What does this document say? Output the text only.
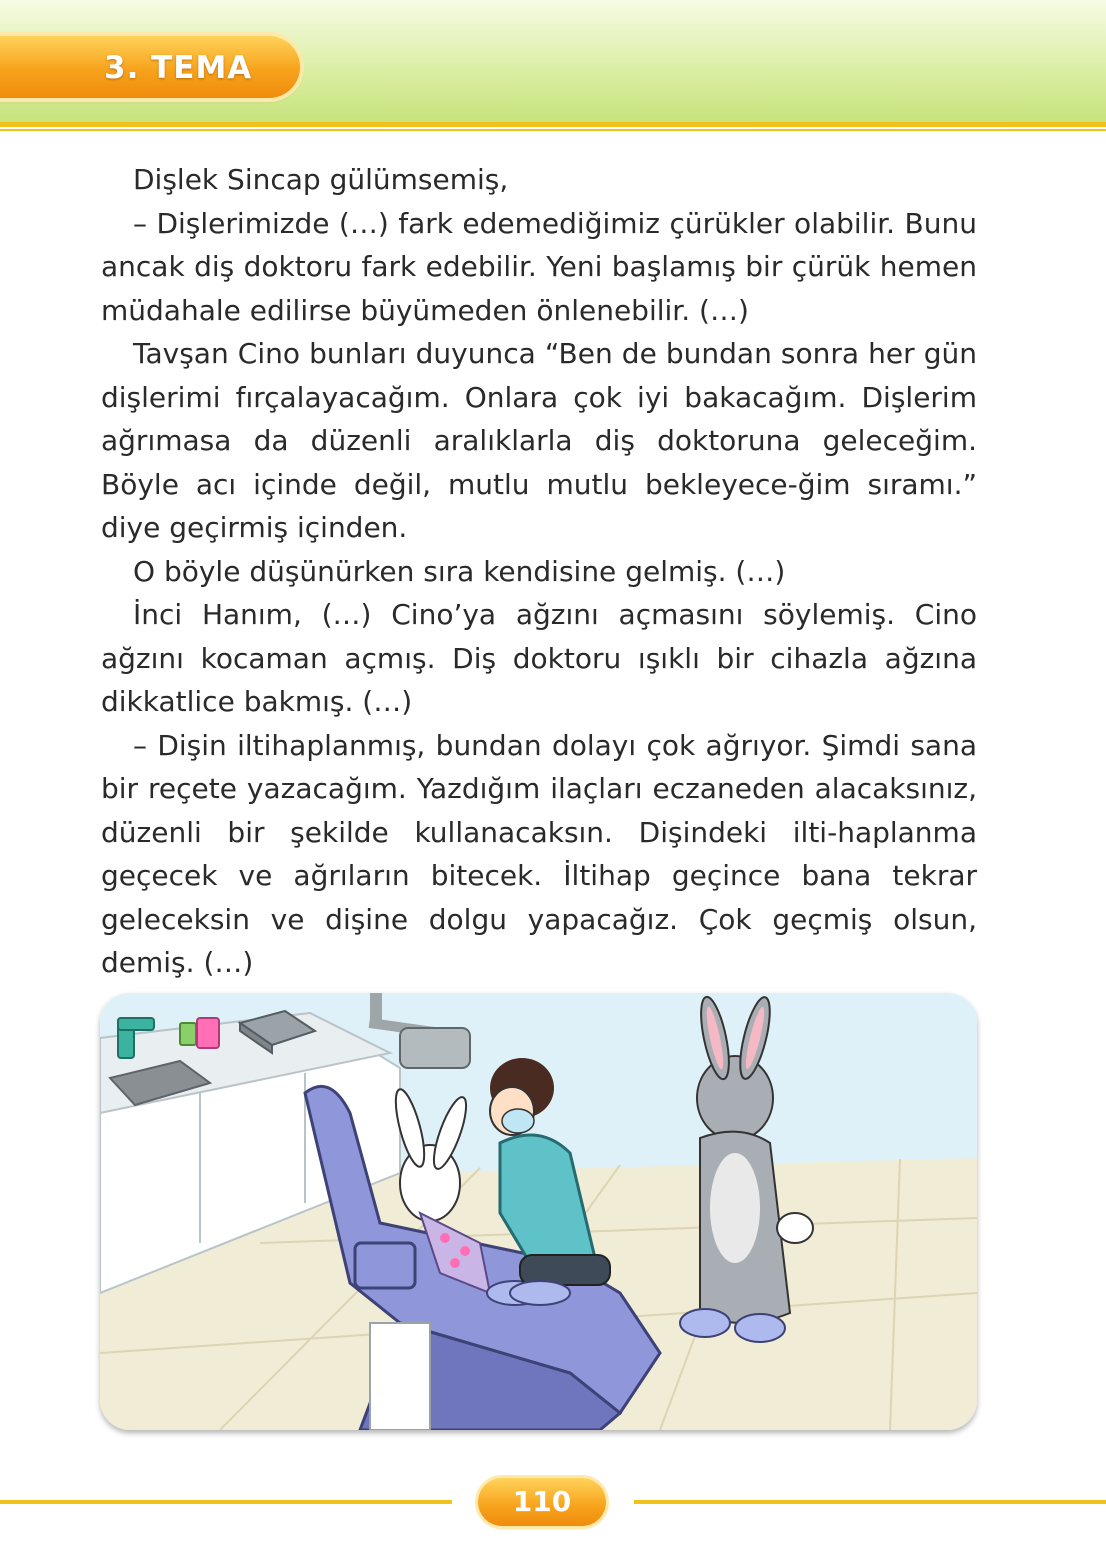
3. TEMA

Dişlek Sincap gülümsemiş,

– Dişlerimizde (…) fark edemediğimiz çürükler olabilir. Bunu ancak diş doktoru fark edebilir. Yeni başlamış bir çürük hemen müdahale edilirse büyümeden önlenebilir. (…)

Tavşan Cino bunları duyunca “Ben de bundan sonra her gün dişlerimi fırçalayacağım. Onlara çok iyi bakacağım. Dişlerim ağrımasa da düzenli aralıklarla diş doktoruna geleceğim. Böyle acı içinde değil, mutlu mutlu bekleyece-ğim sıramı.” diye geçirmiş içinden.

O böyle düşünürken sıra kendisine gelmiş. (…)

İnci Hanım, (…) Cino’ya ağzını açmasını söylemiş. Cino ağzını kocaman açmış. Diş doktoru ışıklı bir cihazla ağzına dikkatlice bakmış. (…)

– Dişin iltihaplanmış, bundan dolayı çok ağrıyor. Şimdi sana bir reçete yazacağım. Yazdığım ilaçları eczaneden alacaksınız, düzenli bir şekilde kullanacaksın. Dişindeki ilti-haplanma geçecek ve ağrıların bitecek. İltihap geçince bana tekrar geleceksin ve dişine dolgu yapacağız. Çok geçmiş olsun, demiş. (…)

110
